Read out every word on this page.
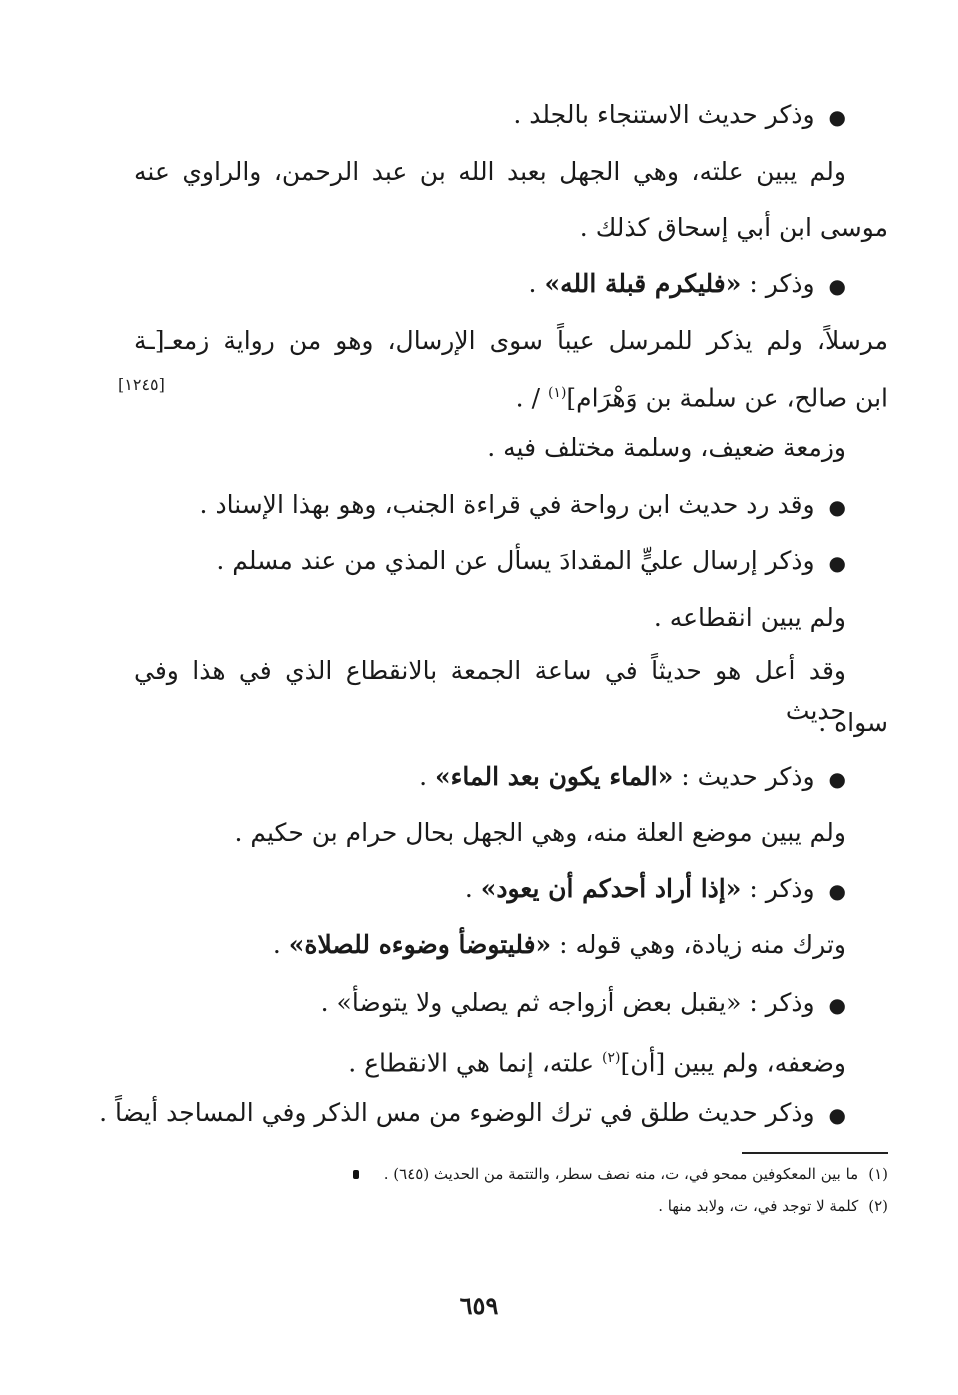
● وذكر حديث الاستنجاء بالجلد .
ولم يبين علته، وهي الجهل بعبد الله بن عبد الرحمن، والراوي عنه
موسى ابن أبي إسحاق كذلك .
● وذكر : «فليكرم قبلة الله» .
مرسلاً، ولم يذكر للمرسل عيباً سوى الإرسال، وهو من رواية زمعـ[ـة
ابن صالح، عن سلمة بن وَهْرَام]$^{(١)}$ / .
[١٢٤٥]
وزمعة ضعيف، وسلمة مختلف فيه .
● وقد رد حديث ابن رواحة في قراءة الجنب، وهو بهذا الإسناد .
● وذكر إرسال عليٍّ المقدادَ يسأل عن المذي من عند مسلم .
ولم يبين انقطاعه .
وقد أعل هو حديثاً في ساعة الجمعة بالانقطاع الذي في هذا وفي حديث
سواه .
● وذكر حديث : «الماء يكون بعد الماء» .
ولم يبين موضع العلة منه، وهي الجهل بحال حرام بن حكيم .
● وذكر : «إذا أراد أحدكم أن يعود» .
وترك منه زيادة، وهي قوله : «فليتوضأ وضوءه للصلاة» .
● وذكر : «يقبل بعض أزواجه ثم يصلي ولا يتوضأ» .
وضعفه، ولم يبين [أن]$^{(٢)}$ علته، إنما هي الانقطاع .
● وذكر حديث طلق في ترك الوضوء من مس الذكر وفي المساجد أيضاً .
(١)ما بين المعكوفين ممحو في، ت، منه نصف سطر، والتتمة من الحديث (٦٤٥) .
(٢)كلمة لا توجد في، ت، ولابد منها .
٦٥٩
